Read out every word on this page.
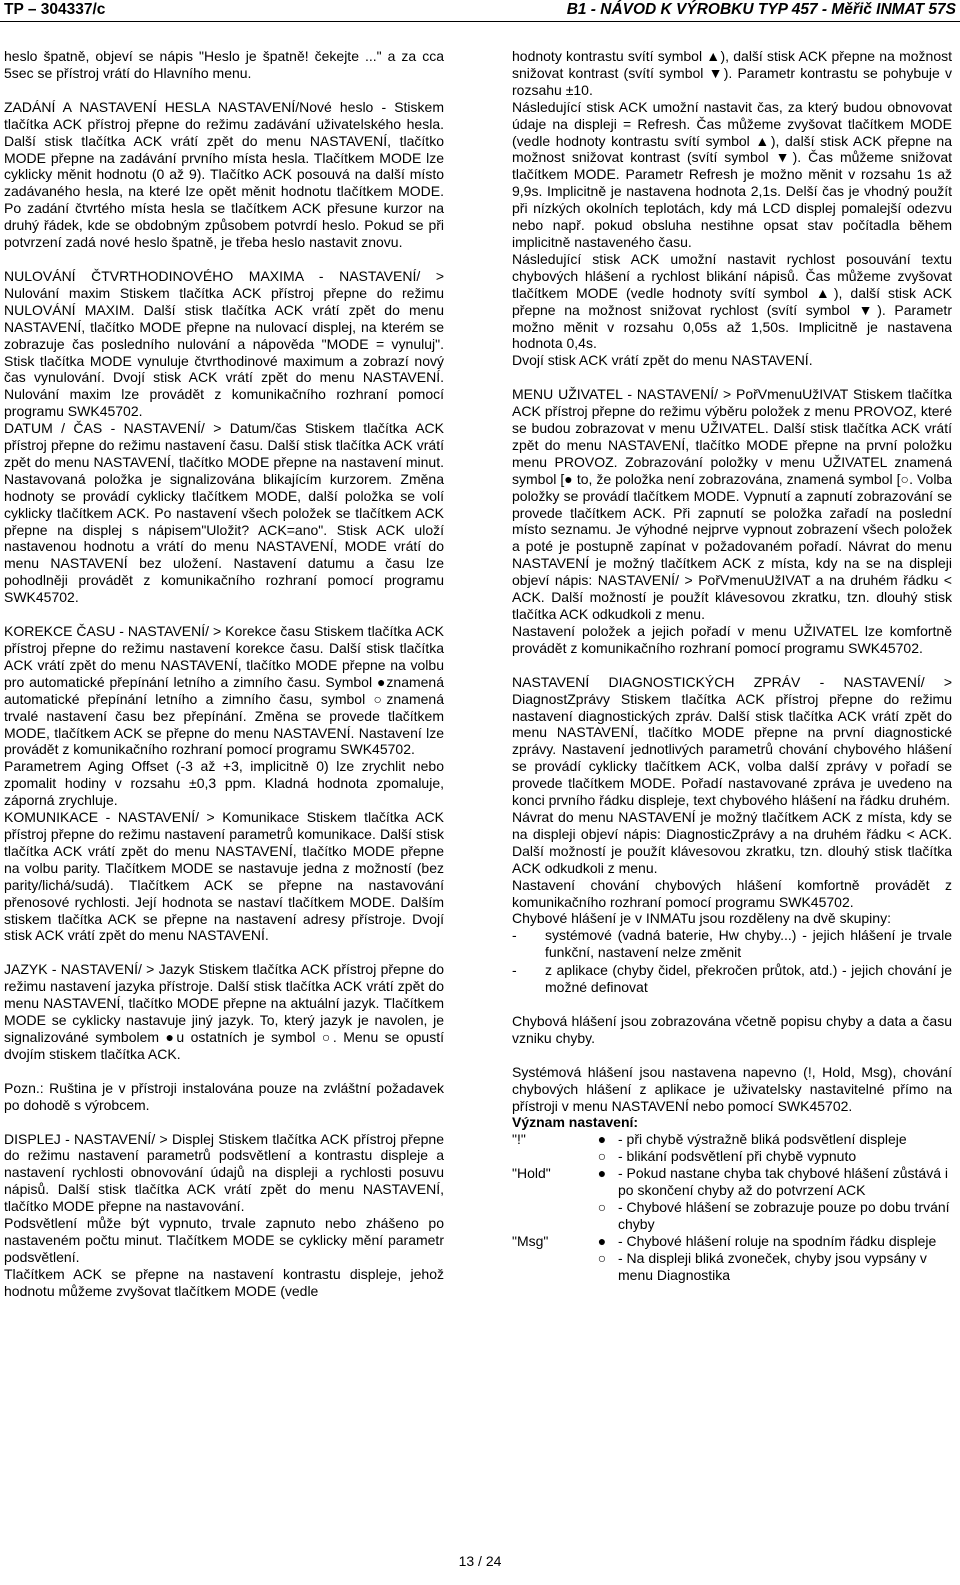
TP – 304337/c	B1 - NÁVOD K VÝROBKU TYP 457 - Měřič INMAT 57S

heslo špatně, objeví se nápis "Heslo je špatně! čekejte ..." a za cca 5sec se přístroj vrátí do Hlavního menu.

ZADÁNÍ A NASTAVENÍ HESLA NASTAVENÍ/Nové heslo - Stiskem tlačítka ACK přístroj přepne do režimu zadávání uživatelského hesla. Další stisk tlačítka ACK vrátí zpět do menu NASTAVENÍ, tlačítko MODE přepne na zadávání prvního místa hesla. Tlačítkem MODE lze cyklicky měnit hodnotu (0 až 9). Tlačítko ACK posouvá na další místo zadávaného hesla, na které lze opět měnit hodnotu tlačítkem MODE. Po zadání čtvrtého místa hesla se tlačítkem ACK přesune kurzor na druhý řádek, kde se obdobným způsobem potvrdí heslo. Pokud se při potvrzení zadá nové heslo špatně, je třeba heslo nastavit znovu.

NULOVÁNÍ ČTVRTHODINOVÉHO MAXIMA - NASTAVENÍ/ > Nulování maxim Stiskem tlačítka ACK přístroj přepne do režimu NULOVÁNÍ MAXIM. Další stisk tlačítka ACK vrátí zpět do menu NASTAVENÍ, tlačítko MODE přepne na nulovací displej, na kterém se zobrazuje čas posledního nulování a nápověda "MODE = vynuluj". Stisk tlačítka MODE vynuluje čtvrthodinové maximum a zobrazí nový čas vynulování. Dvojí stisk ACK vrátí zpět do menu NASTAVENÍ. Nulování maxim lze provádět z komunikačního rozhraní pomocí programu SWK45702.

DATUM / ČAS - NASTAVENÍ/ > Datum/čas Stiskem tlačítka ACK přístroj přepne do režimu nastavení času. Další stisk tlačítka ACK vrátí zpět do menu NASTAVENÍ, tlačítko MODE přepne na nastavení minut. Nastavovaná položka je signalizována blikajícím kurzorem. Změna hodnoty se provádí cyklicky tlačítkem MODE, další položka se volí cyklicky tlačítkem ACK. Po nastavení všech položek se tlačítkem ACK přepne na displej s nápisem"Uložit? ACK=ano". Stisk ACK uloží nastavenou hodnotu a vrátí do menu NASTAVENÍ, MODE vrátí do menu NASTAVENÍ bez uložení. Nastavení datumu a času lze pohodlněji provádět z komunikačního rozhraní pomocí programu SWK45702.

KOREKCE ČASU - NASTAVENÍ/ > Korekce času Stiskem tlačítka ACK přístroj přepne do režimu nastavení korekce času. Další stisk tlačítka ACK vrátí zpět do menu NASTAVENÍ, tlačítko MODE přepne na volbu pro automatické přepínání letního a zimního času. Symbol ●znamená automatické přepínání letního a zimního času, symbol ○znamená trvalé nastavení času bez přepínání. Změna se provede tlačítkem MODE, tlačítkem ACK se přepne do menu NASTAVENÍ. Nastavení lze provádět z komunikačního rozhraní pomocí programu SWK45702.

Parametrem Aging Offset (-3 až +3, implicitně 0) lze zrychlit nebo zpomalit hodiny v rozsahu ±0,3 ppm. Kladná hodnota zpomaluje, záporná zrychluje.

KOMUNIKACE - NASTAVENÍ/ > Komunikace Stiskem tlačítka ACK přístroj přepne do režimu nastavení parametrů komunikace. Další stisk tlačítka ACK vrátí zpět do menu NASTAVENÍ, tlačítko MODE přepne na volbu parity. Tlačítkem MODE se nastavuje jedna z možností (bez parity/lichá/sudá). Tlačítkem ACK se přepne na nastavování přenosové rychlosti. Její hodnota se nastaví tlačítkem MODE. Dalším stiskem tlačítka ACK se přepne na nastavení adresy přístroje. Dvojí stisk ACK vrátí zpět do menu NASTAVENÍ.

JAZYK - NASTAVENÍ/ > Jazyk Stiskem tlačítka ACK přístroj přepne do režimu nastavení jazyka přístroje. Další stisk tlačítka ACK vrátí zpět do menu NASTAVENÍ, tlačítko MODE přepne na aktuální jazyk. Tlačítkem MODE se cyklicky nastavuje jiný jazyk. To, který jazyk je navolen, je signalizováné symbolem ●u ostatních je symbol ○. Menu se opustí dvojím stiskem tlačítka ACK.

Pozn.: Ruština je v přístroji instalována pouze na zvláštní požadavek po dohodě s výrobcem.

DISPLEJ - NASTAVENÍ/ > Displej Stiskem tlačítka ACK přístroj přepne do režimu nastavení parametrů podsvětlení a kontrastu displeje a nastavení rychlosti obnovování údajů na displeji a rychlosti posuvu nápisů. Další stisk tlačítka ACK vrátí zpět do menu NASTAVENÍ, tlačítko MODE přepne na nastavování.

Podsvětlení může být vypnuto, trvale zapnuto nebo zhášeno po nastaveném počtu minut. Tlačítkem MODE se cyklicky mění parametr podsvětlení.

Tlačítkem ACK se přepne na nastavení kontrastu displeje, jehož hodnotu můžeme zvyšovat tlačítkem MODE (vedle

hodnoty kontrastu svítí symbol ▲), další stisk ACK přepne na možnost snižovat kontrast (svítí symbol ▼). Parametr kontrastu se pohybuje v rozsahu ±10.

Následující stisk ACK umožní nastavit čas, za který budou obnovovat údaje na displeji = Refresh. Čas můžeme zvyšovat tlačítkem MODE (vedle hodnoty kontrastu svítí symbol ▲), další stisk ACK přepne na možnost snižovat kontrast (svítí symbol ▼). Čas můžeme snižovat tlačítkem MODE. Parametr Refresh je možno měnit v rozsahu 1s až 9,9s. Implicitně je nastavena hodnota 2,1s. Delší čas je vhodný použít při nízkých okolních teplotách, kdy má LCD displej pomalejší odezvu nebo např. pokud obsluha nestihne opsat stav počítadla během implicitně nastaveného času.

Následující stisk ACK umožní nastavit rychlost posouvání textu chybových hlášení a rychlost blikání nápisů. Čas můžeme zvyšovat tlačítkem MODE (vedle hodnoty svítí symbol ▲), další stisk ACK přepne na možnost snižovat rychlost (svítí symbol ▼). Parametr možno měnit v rozsahu 0,05s až 1,50s. Implicitně je nastavena hodnota 0,4s.

Dvojí stisk ACK vrátí zpět do menu NASTAVENÍ.

MENU UŽIVATEL - NASTAVENÍ/ > PořVmenuUžIVAT Stiskem tlačítka ACK přístroj přepne do režimu výběru položek z menu PROVOZ, které se budou zobrazovat v menu UŽIVATEL. Další stisk tlačítka ACK vrátí zpět do menu NASTAVENÍ, tlačítko MODE přepne na první položku menu PROVOZ. Zobrazování položky v menu UŽIVATEL znamená symbol [● to, že položka není zobrazována, znamená symbol [○. Volba položky se provádí tlačítkem MODE. Vypnutí a zapnutí zobrazování se provede tlačítkem ACK. Při zapnutí se položka zařadí na poslední místo seznamu. Je výhodné nejprve vypnout zobrazení všech položek a poté je postupně zapínat v požadovaném pořadí. Návrat do menu NASTAVENÍ je možný tlačítkem ACK z místa, kdy na se na displeji objeví nápis: NASTAVENÍ/ > PořVmenuUžIVAT a na druhém řádku < ACK. Další možností je použít klávesovou zkratku, tzn. dlouhý stisk tlačítka ACK odkudkoli z menu.

Nastavení položek a jejich pořadí v menu UŽIVATEL lze komfortně provádět z komunikačního rozhraní pomocí programu SWK45702.

NASTAVENÍ DIAGNOSTICKÝCH ZPRÁV - NASTAVENÍ/ > DiagnostZprávy Stiskem tlačítka ACK přístroj přepne do režimu nastavení diagnostických zpráv. Další stisk tlačítka ACK vrátí zpět do menu NASTAVENÍ, tlačítko MODE přepne na první diagnostické zprávy. Nastavení jednotlivých parametrů chování chybového hlášení se provádí cyklicky tlačítkem ACK, volba další zprávy v pořadí se provede tlačítkem MODE. Pořadí nastavované zpráva je uvedeno na konci prvního řádku displeje, text chybového hlášení na řádku druhém.

Návrat do menu NASTAVENÍ je možný tlačítkem ACK z místa, kdy se na displeji objeví nápis: DiagnosticZprávy a na druhém řádku < ACK. Další možností je použít klávesovou zkratku, tzn. dlouhý stisk tlačítka ACK odkudkoli z menu.

Nastavení chování chybových hlášení komfortně provádět z komunikačního rozhraní pomocí programu SWK45702.

Chybové hlášení je v INMATu jsou rozděleny na dvě skupiny:

- systémové (vadná baterie, Hw chyby...) - jejich hlášení je trvale funkční, nastavení nelze změnit
- z aplikace (chyby čidel, překročen průtok, atd.) - jejich chování je možné definovat

Chybová hlášení jsou zobrazována včetně popisu chyby a data a času vzniku chyby.

Systémová hlášení jsou nastavena napevno (!, Hold, Msg), chování chybových hlášení z aplikace je uživatelsky nastavitelné přímo na přístroji v menu NASTAVENÍ nebo pomocí SWK45702.

Význam nastavení:

"!"	● - při chybě výstražně bliká podsvětlení displeje
○ - blikání podsvětlení při chybě vypnuto
"Hold"	● - Pokud nastane chyba tak chybové hlášení zůstává i po skončení chyby až do potvrzení ACK
○ - Chybové hlášení se zobrazuje pouze po dobu trvání chyby
"Msg"	● - Chybové hlášení roluje na spodním řádku displeje
○ - Na displeji bliká zvoneček, chyby jsou vypsány v menu Diagnostika
13 / 24
